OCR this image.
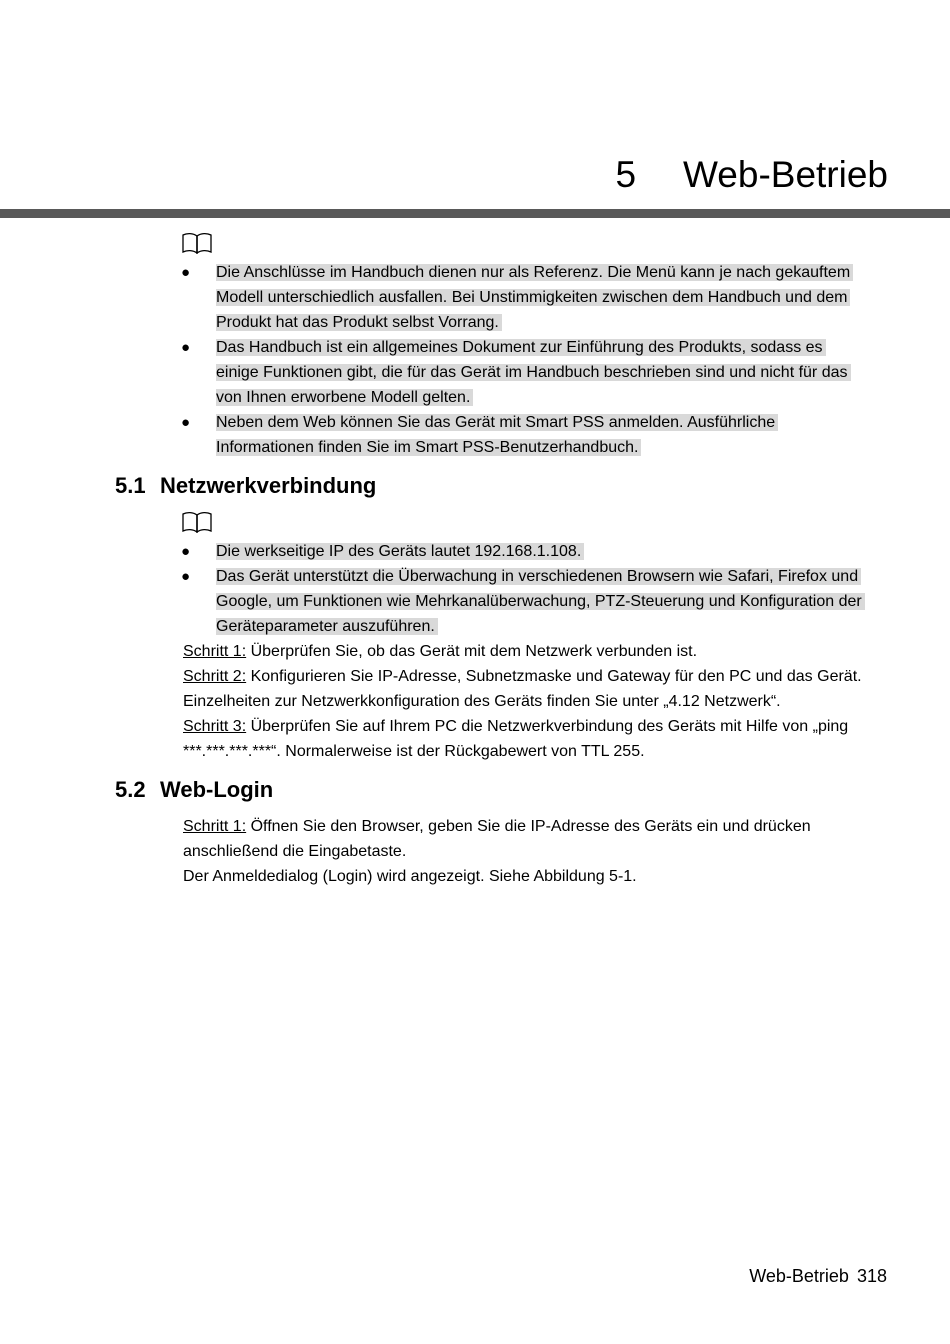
5 Web-Betrieb
● Die Anschlüsse im Handbuch dienen nur als Referenz. Die Menü kann je nach gekauftem
Modell unterschiedlich ausfallen. Bei Unstimmigkeiten zwischen dem Handbuch und dem
Produkt hat das Produkt selbst Vorrang.
● Das Handbuch ist ein allgemeines Dokument zur Einführung des Produkts, sodass es
einige Funktionen gibt, die für das Gerät im Handbuch beschrieben sind und nicht für das
von Ihnen erworbene Modell gelten.
● Neben dem Web können Sie das Gerät mit Smart PSS anmelden. Ausführliche
Informationen finden Sie im Smart PSS-Benutzerhandbuch.
5.1 Netzwerkverbindung
● Die werkseitige IP des Geräts lautet 192.168.1.108.
● Das Gerät unterstützt die Überwachung in verschiedenen Browsern wie Safari, Firefox und
Google, um Funktionen wie Mehrkanalüberwachung, PTZ-Steuerung und Konfiguration der
Geräteparameter auszuführen.
Schritt 1: Überprüfen Sie, ob das Gerät mit dem Netzwerk verbunden ist.
Schritt 2: Konfigurieren Sie IP-Adresse, Subnetzmaske und Gateway für den PC und das Gerät.
Einzelheiten zur Netzwerkkonfiguration des Geräts finden Sie unter „4.12 Netzwerk“.
Schritt 3: Überprüfen Sie auf Ihrem PC die Netzwerkverbindung des Geräts mit Hilfe von „ping
***.***.***.***“. Normalerweise ist der Rückgabewert von TTL 255.
5.2 Web-Login
Schritt 1: Öffnen Sie den Browser, geben Sie die IP-Adresse des Geräts ein und drücken
anschließend die Eingabetaste.
Der Anmeldedialog (Login) wird angezeigt. Siehe Abbildung 5-1.
Web-Betrieb 318
